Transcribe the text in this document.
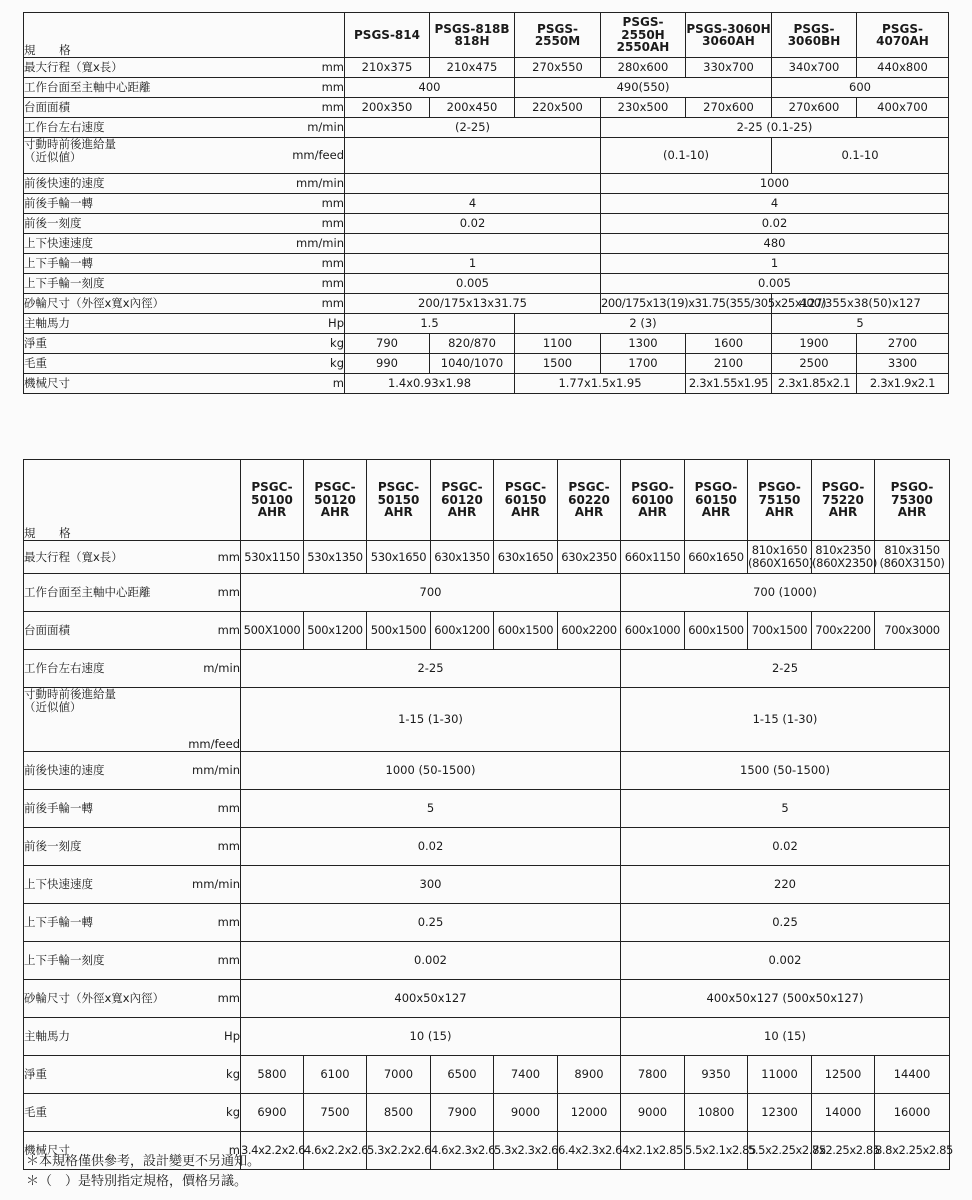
規 格		PSGS-814	PSGS-818B 818H	PSGS-2550M	PSGS-2550H 2550AH	PSGS-3060H 3060AH	PSGS-3060BH	PSGS-4070AH
最大行程（寬x長）	mm	210x375	210x475	270x550	280x600	330x700	340x700	440x800
工作台面至主軸中心距離	mm	400		490(550)			600	
台面面積	mm	200x350	200x450	220x500	230x500	270x600	270x600	400x700
工作台左右速度	m/min	(2-25)			2-25 (0.1-25)			
寸動時前後進給量
（近似値）	mm/feed				(0.1-10)		0.1-10	
前後快速的速度	mm/min				1000			
前後手輪一轉	mm	4			4			
前後一刻度	mm	0.02			0.02			
上下快速速度	mm/min				480			
上下手輪一轉	mm	1			1			
上下手輪一刻度	mm	0.005			0.005			
砂輪尺寸（外徑x寬x內徑）	mm	200/175x13x31.75			200/175x13(19)x31.75(355/305x25x127)		400/355x38(50)x127	
主軸馬力	Hp	1.5		2 (3)			5	
淨重	kg	790	820/870	1100	1300	1600	1900	2700
毛重	kg	990	1040/1070	1500	1700	2100	2500	3300
機械尺寸	m	1.4x0.93x1.98		1.77x1.5x1.95		2.3x1.55x1.95	2.3x1.85x2.1	2.3x1.9x2.1
規 格		PSGC-50100 AHR	PSGC-50120 AHR	PSGC-50150 AHR	PSGC-60120 AHR	PSGC-60150 AHR	PSGC-60220 AHR	PSGO-60100 AHR	PSGO-60150 AHR	PSGO-75150 AHR	PSGO-75220 AHR	PSGO-75300 AHR
最大行程（寬x長）	mm	530x1150	530x1350	530x1650	630x1350	630x1650	630x2350	660x1150	660x1650	810x1650 (860X1650)	810x2350 (860X2350)	810x3150 (860X3150)
工作台面至主軸中心距離	mm	700						700 (1000)				
台面面積	mm	500X1000	500x1200	500x1500	600x1200	600x1500	600x2200	600x1000	600x1500	700x1500	700x2200	700x3000
工作台左右速度	m/min	2-25						2-25				
寸動時前後進給量
（近似値）	mm/feed	1-15 (1-30)						1-15 (1-30)				
前後快速的速度	mm/min	1000 (50-1500)						1500 (50-1500)				
前後手輪一轉	mm	5						5				
前後一刻度	mm	0.02						0.02				
上下快速速度	mm/min	300						220				
上下手輪一轉	mm	0.25						0.25				
上下手輪一刻度	mm	0.002						0.002				
砂輪尺寸（外徑x寬x內徑）	mm	400x50x127						400x50x127 (500x50x127)				
主軸馬力	Hp	10 (15)						10 (15)				
淨重	kg	5800	6100	7000	6500	7400	8900	7800	9350	11000	12500	14400
毛重	kg	6900	7500	8500	7900	9000	12000	9000	10800	12300	14000	16000
機械尺寸	m	3.4x2.2x2.6	4.6x2.2x2.6	5.3x2.2x2.6	4.6x2.3x2.6	5.3x2.3x2.6	6.4x2.3x2.6	4x2.1x2.85	5.5x2.1x2.85	5.5x2.25x2.85	7x2.25x2.85	8.8x2.25x2.85
＊本規格僅供參考，設計變更不另通知。
＊（　）是特別指定規格，價格另議。
